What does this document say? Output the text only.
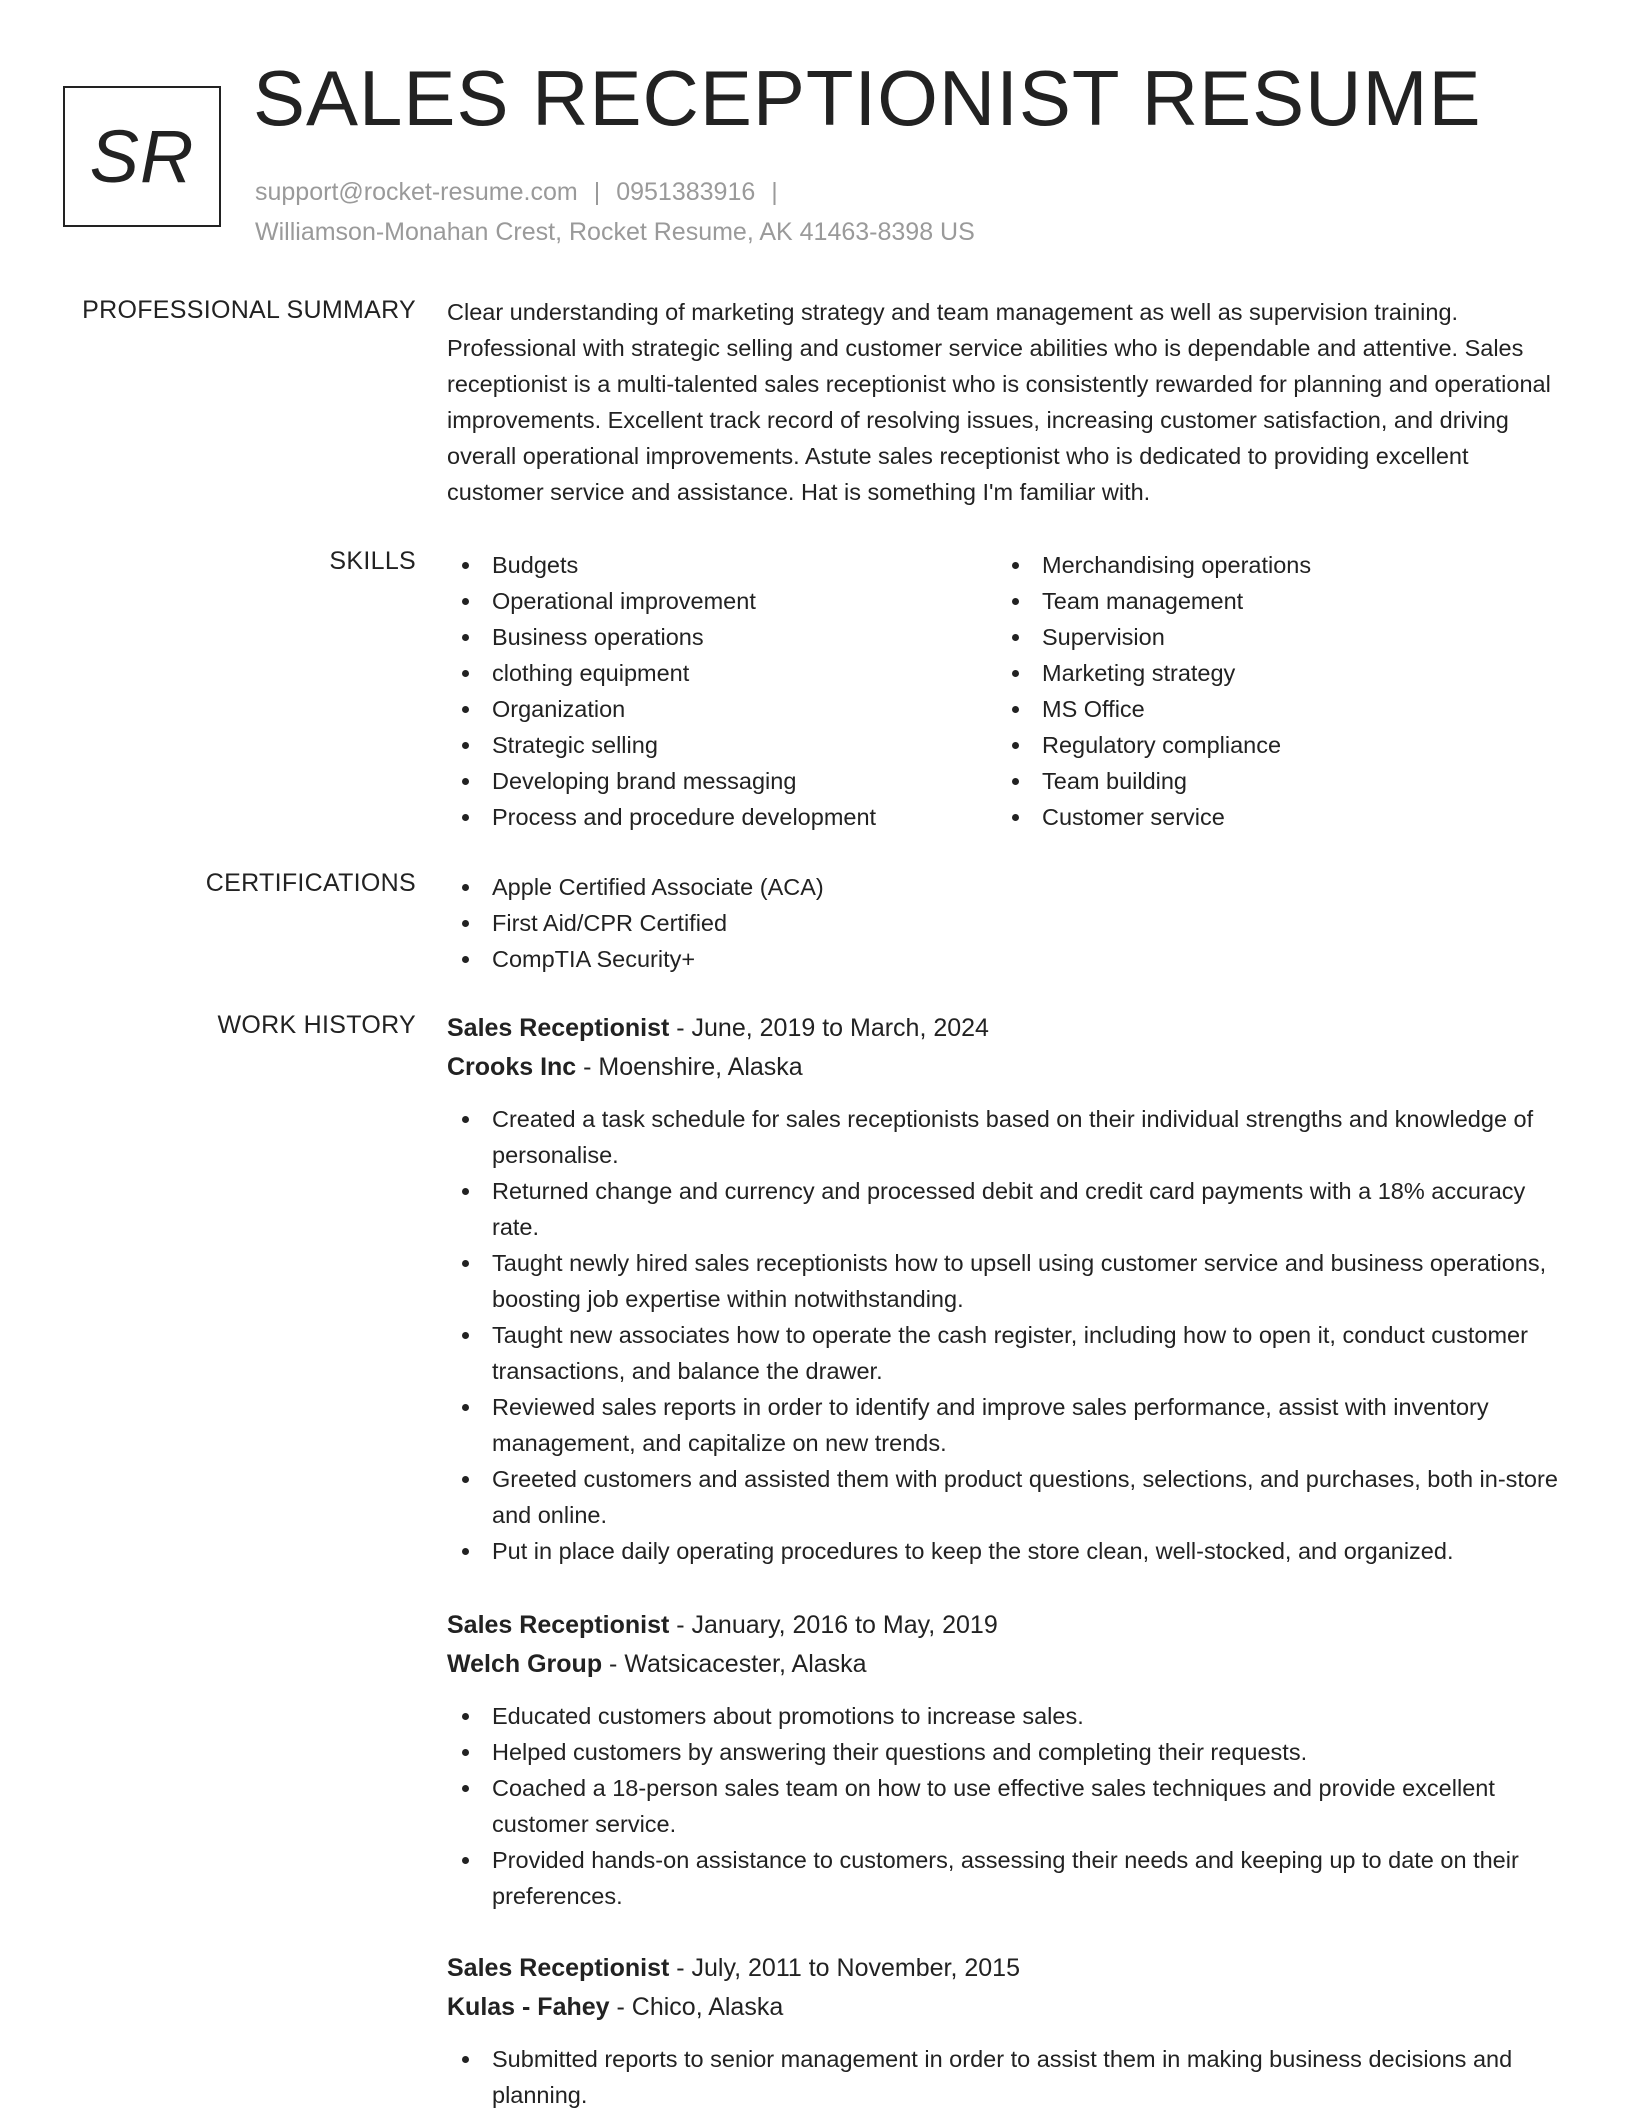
SR
SALES RECEPTIONIST RESUME
support@rocket-resume.com | 0951383916 |
Williamson-Monahan Crest, Rocket Resume, AK 41463-8398 US
PROFESSIONAL SUMMARY Clear understanding of marketing strategy and team management as well as supervision training. Professional with strategic selling and customer service abilities who is dependable and attentive. Sales receptionist is a multi-talented sales receptionist who is consistently rewarded for planning and operational improvements. Excellent track record of resolving issues, increasing customer satisfaction, and driving overall operational improvements. Astute sales receptionist who is dedicated to providing excellent customer service and assistance. Hat is something I'm familiar with.

SKILLS	Budgets
Operational improvement
Business operations
clothing equipment
Organization
Strategic selling
Developing brand messaging
Process and procedure development
Merchandising operations
Team management
Supervision
Marketing strategy
MS Office
Regulatory compliance
Team building
Customer service
CERTIFICATIONS	Apple Certified Associate (ACA)
First Aid/CPR Certified
CompTIA Security+
WORK HISTORY Sales Receptionist - June, 2019 to March, 2024
Crooks Inc - Moenshire, Alaska
Created a task schedule for sales receptionists based on their individual strengths and knowledge of personalise.
Returned change and currency and processed debit and credit card payments with a 18% accuracy rate.
Taught newly hired sales receptionists how to upsell using customer service and business operations, boosting job expertise within notwithstanding.
Taught new associates how to operate the cash register, including how to open it, conduct customer transactions, and balance the drawer.
Reviewed sales reports in order to identify and improve sales performance, assist with inventory management, and capitalize on new trends.
Greeted customers and assisted them with product questions, selections, and purchases, both in-store and online.
Put in place daily operating procedures to keep the store clean, well-stocked, and organized.
Sales Receptionist - January, 2016 to May, 2019
Welch Group - Watsicacester, Alaska
Educated customers about promotions to increase sales.
Helped customers by answering their questions and completing their requests.
Coached a 18-person sales team on how to use effective sales techniques and provide excellent customer service.
Provided hands-on assistance to customers, assessing their needs and keeping up to date on their preferences.
Sales Receptionist - July, 2011 to November, 2015
Kulas - Fahey - Chico, Alaska
Submitted reports to senior management in order to assist them in making business decisions and planning.
